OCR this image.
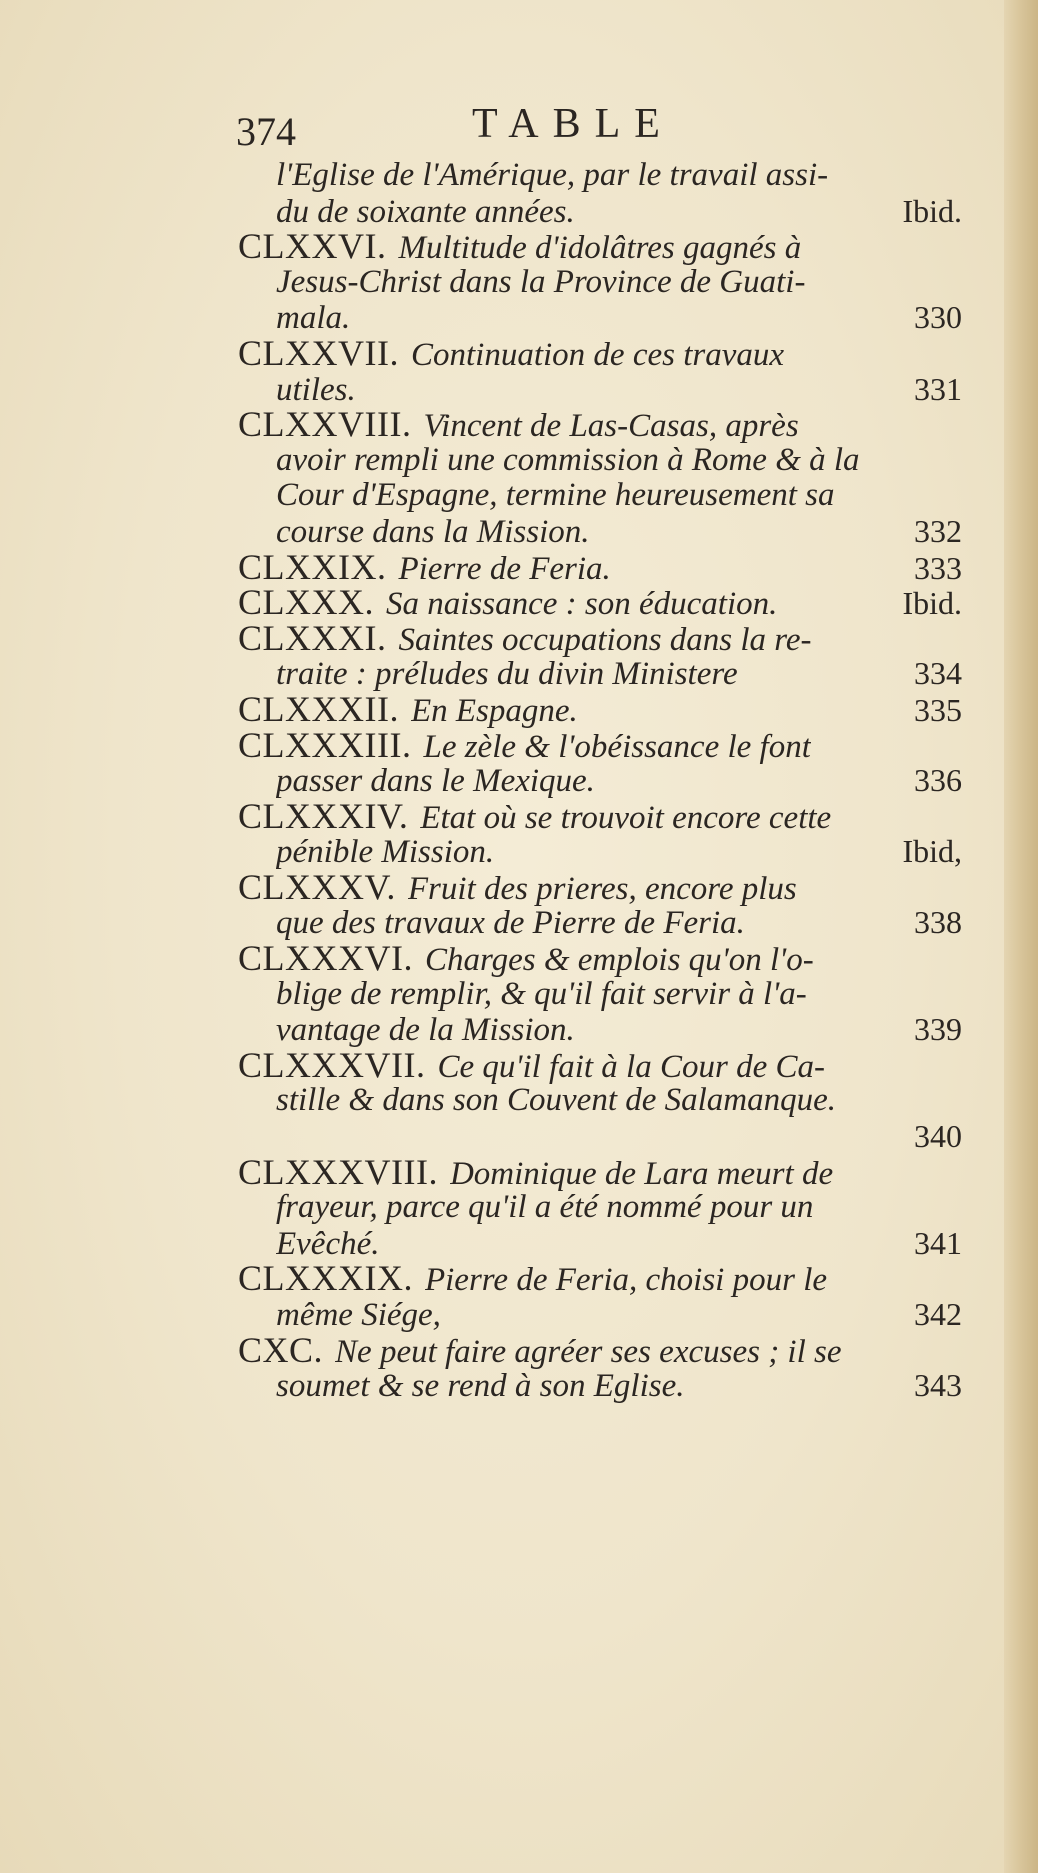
374	TABLE
l'Eglise de l'Amérique, par le travail assi-
du de soixante années.	Ibid.
CLXXVI. Multitude d'idolâtres gagnés à
Jesus-Christ dans la Province de Guati-
mala.	330
CLXXVII. Continuation de ces travaux
utiles.	331
CLXXVIII. Vincent de Las-Casas, après
avoir rempli une commission à Rome & à la
Cour d'Espagne, termine heureusement sa
course dans la Mission.	332
CLXXIX. Pierre de Feria.	333
CLXXX. Sa naissance : son éducation.	Ibid.
CLXXXI. Saintes occupations dans la re-
traite : préludes du divin Ministere	334
CLXXXII. En Espagne.	335
CLXXXIII. Le zèle & l'obéissance le font
passer dans le Mexique.	336
CLXXXIV. Etat où se trouvoit encore cette
pénible Mission.	Ibid,
CLXXXV. Fruit des prieres, encore plus
que des travaux de Pierre de Feria.	338
CLXXXVI. Charges & emplois qu'on l'o-
blige de remplir, & qu'il fait servir à l'a-
vantage de la Mission.	339
CLXXXVII. Ce qu'il fait à la Cour de Ca-
stille & dans son Couvent de Salamanque.
340
CLXXXVIII. Dominique de Lara meurt de
frayeur, parce qu'il a été nommé pour un
Evêché.	341
CLXXXIX. Pierre de Feria, choisi pour le
même Siége,	342
CXC. Ne peut faire agréer ses excuses ; il se
soumet & se rend à son Eglise.	343
